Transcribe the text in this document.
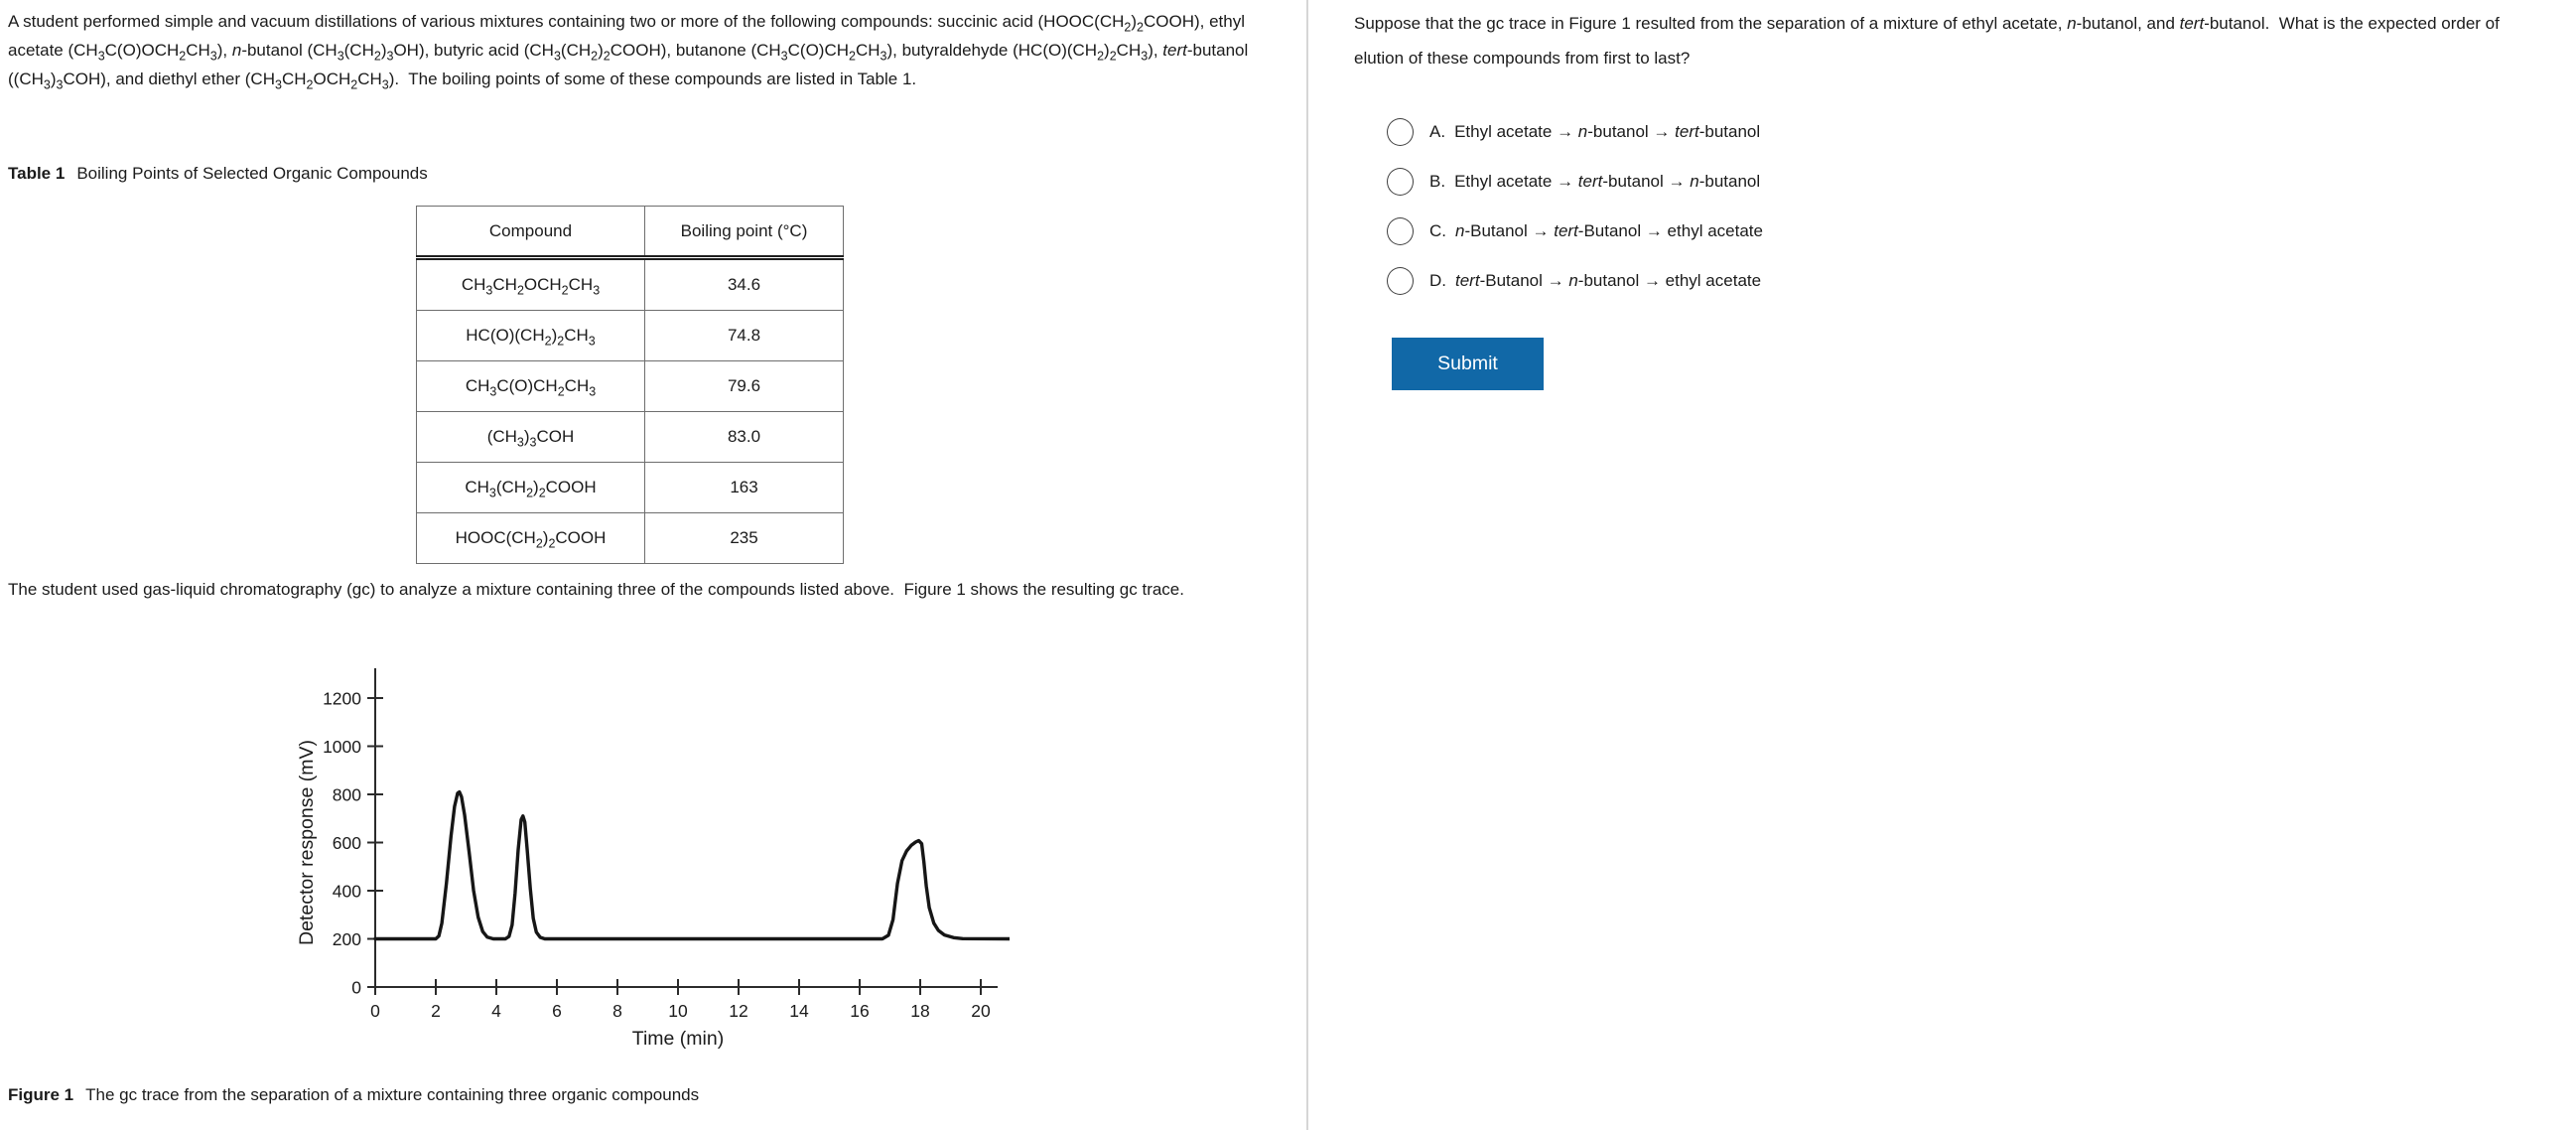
A student performed simple and vacuum distillations of various mixtures containing two or more of the following compounds: succinic acid $(HOOC(CH_2)_2COOH)$, ethyl acetate $(CH_3C(O)OCH_2CH_3)$, n-butanol $(CH_3(CH_2)_3OH)$, butyric acid $(CH_3(CH_2)_2COOH)$, butanone $(CH_3C(O)CH_2CH_3)$, butyraldehyde $(HC(O)(CH_2)_2CH_3)$, tert-butanol $((CH_3)_3COH)$, and diethyl ether $(CH_3CH_2OCH_2CH_3)$.  The boiling points of some of these compounds are listed in Table 1.

Table 1 Boiling Points of Selected Organic Compounds

Compound	Boiling point (°C)
$CH_3CH_2OCH_2CH_3$	34.6
$HC(O)(CH_2)_2CH_3$	74.8
$CH_3C(O)CH_2CH_3$	79.6
$(CH_3)_3COH$	83.0
$CH_3(CH_2)_2COOH$	163
$HOOC(CH_2)_2COOH$	235

The student used gas-liquid chromatography (gc) to analyze a mixture containing three of the compounds listed above.  Figure 1 shows the resulting gc trace.

0
200
400
600
800
1000
1200
0	2	4	6	8	10 12 14 16 18 20
Time (min)
Detector response (mV)

Figure 1 The gc trace from the separation of a mixture containing three organic compounds

Suppose that the gc trace in Figure 1 resulted from the separation of a mixture of ethyl acetate, n-butanol, and tert-butanol.  What is the expected order of elution of these compounds from first to last?

A. Ethyl acetate → n-butanol → tert-butanol
B. Ethyl acetate → tert-butanol → n-butanol
C. n-Butanol → tert-Butanol → ethyl acetate
D. tert-Butanol → n-butanol → ethyl acetate
Submit
